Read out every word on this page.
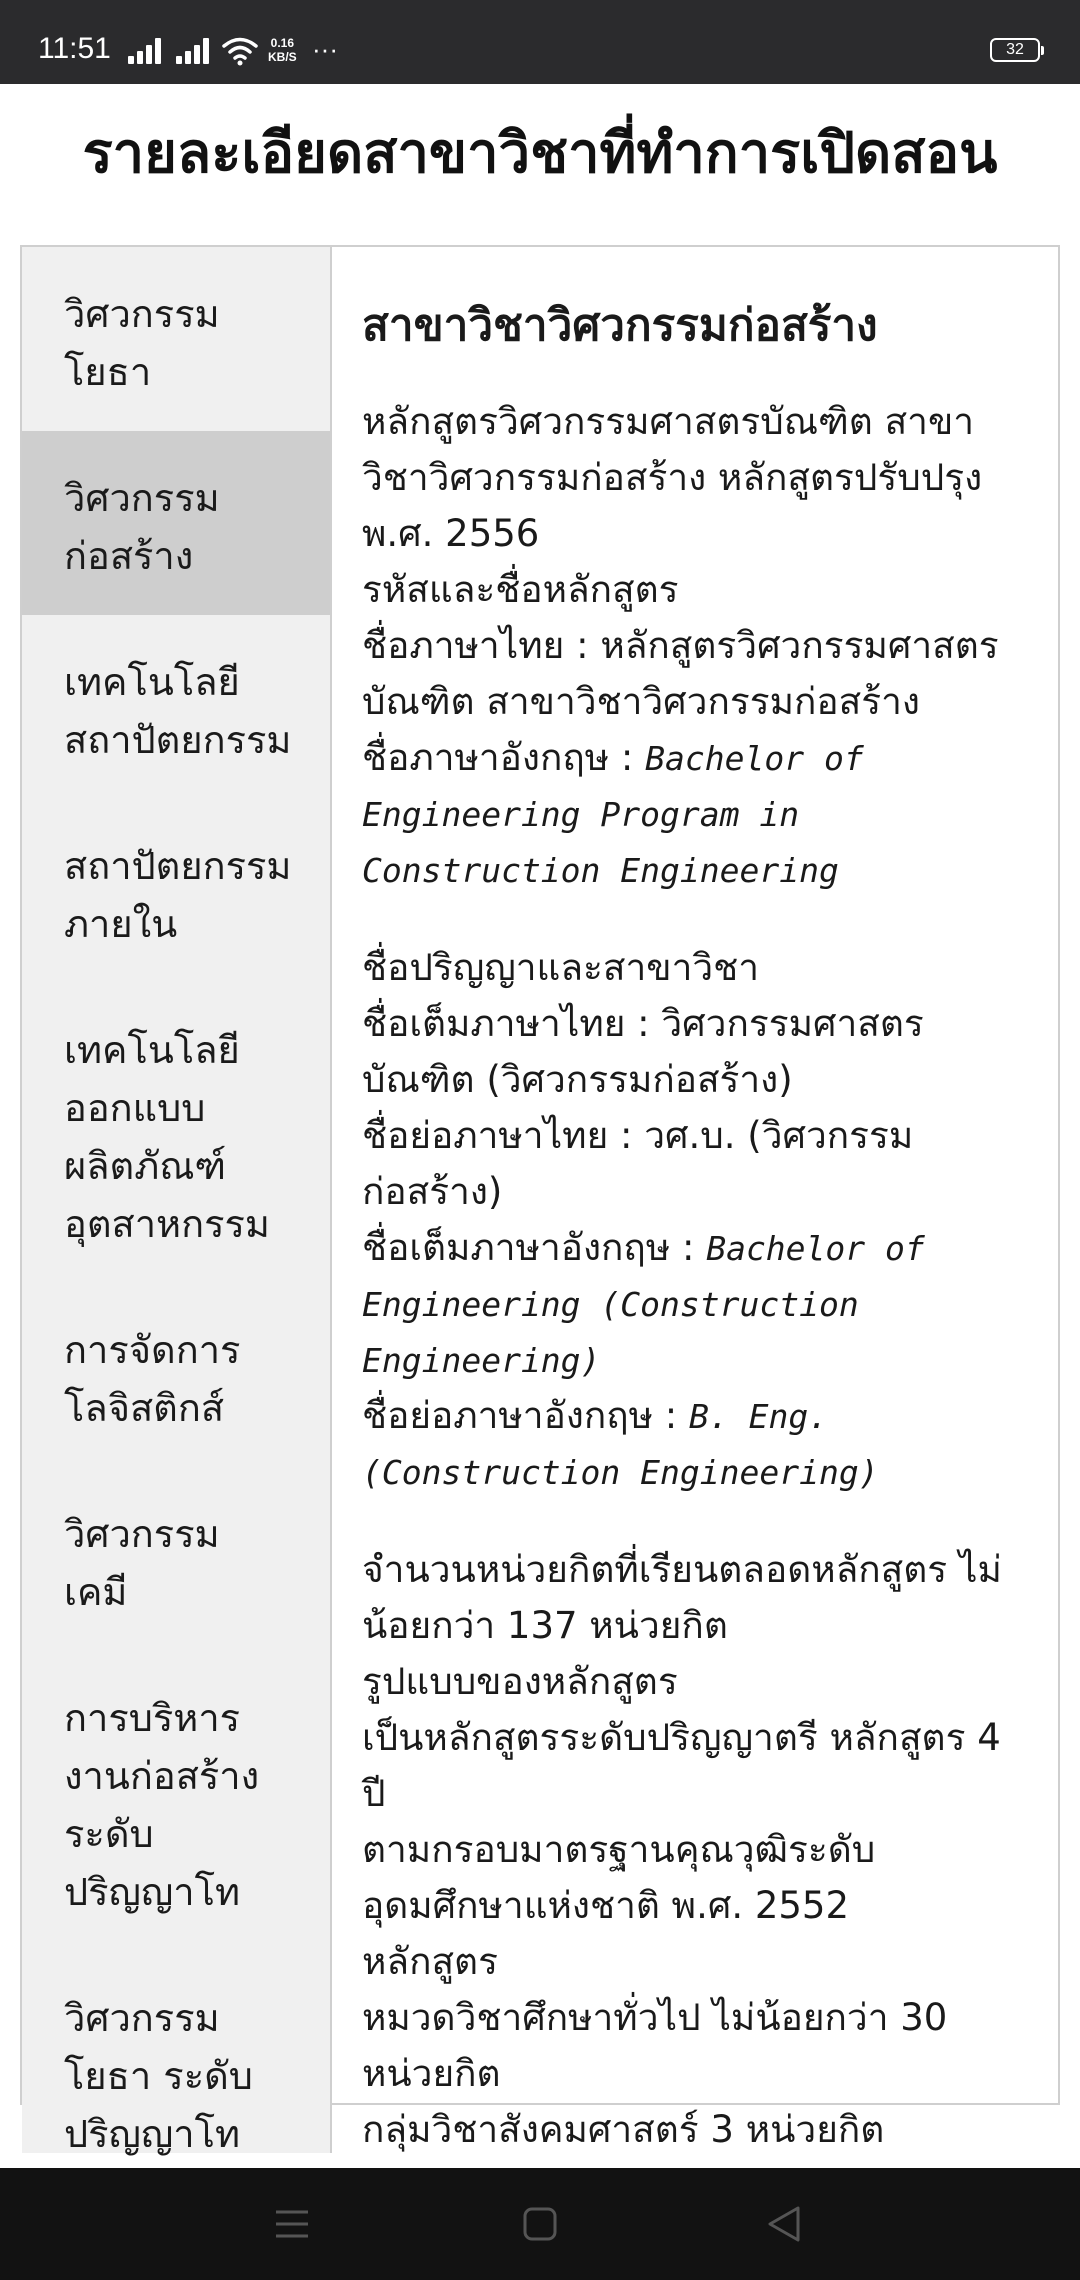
11:51	0.16
KB/S ···	32
รายละเอียดสาขาวิชาที่ทำการเปิดสอน
วิศวกรรม
โยธา
วิศวกรรม
ก่อสร้าง
เทคโนโลยี
สถาปัตยกรรม
สถาปัตยกรรม
ภายใน
เทคโนโลยี
ออกแบบ
ผลิตภัณฑ์
อุตสาหกรรม
การจัดการ
โลจิสติกส์
วิศวกรรม
เคมี
การบริหาร
งานก่อสร้าง
ระดับ
ปริญญาโท
วิศวกรรม
โยธา ระดับ
ปริญญาโท
สาขาวิชาวิศวกรรมก่อสร้าง

หลักสูตรวิศวกรรมศาสตรบัณฑิต สาขาวิชาวิศวกรรมก่อสร้าง หลักสูตรปรับปรุง พ.ศ. 2556

รหัสและชื่อหลักสูตร

ชื่อภาษาไทย : หลักสูตรวิศวกรรมศาสตรบัณฑิต สาขาวิชาวิศวกรรมก่อสร้าง

ชื่อภาษาอังกฤษ : Bachelor of Engineering Program in Construction Engineering

ชื่อปริญญาและสาขาวิชา

ชื่อเต็มภาษาไทย : วิศวกรรมศาสตรบัณฑิต (วิศวกรรมก่อสร้าง)

ชื่อย่อภาษาไทย : วศ.บ. (วิศวกรรมก่อสร้าง)

ชื่อเต็มภาษาอังกฤษ : Bachelor of Engineering (Construction Engineering)

ชื่อย่อภาษาอังกฤษ : B. Eng. (Construction Engineering)

จำนวนหน่วยกิตที่เรียนตลอดหลักสูตร ไม่น้อยกว่า 137 หน่วยกิต

รูปแบบของหลักสูตร

เป็นหลักสูตรระดับปริญญาตรี หลักสูตร 4 ปี

ตามกรอบมาตรฐานคุณวุฒิระดับอุดมศึกษาแห่งชาติ พ.ศ. 2552

หลักสูตร

หมวดวิชาศึกษาทั่วไป ไม่น้อยกว่า 30 หน่วยกิต

กลุ่มวิชาสังคมศาสตร์ 3 หน่วยกิต
